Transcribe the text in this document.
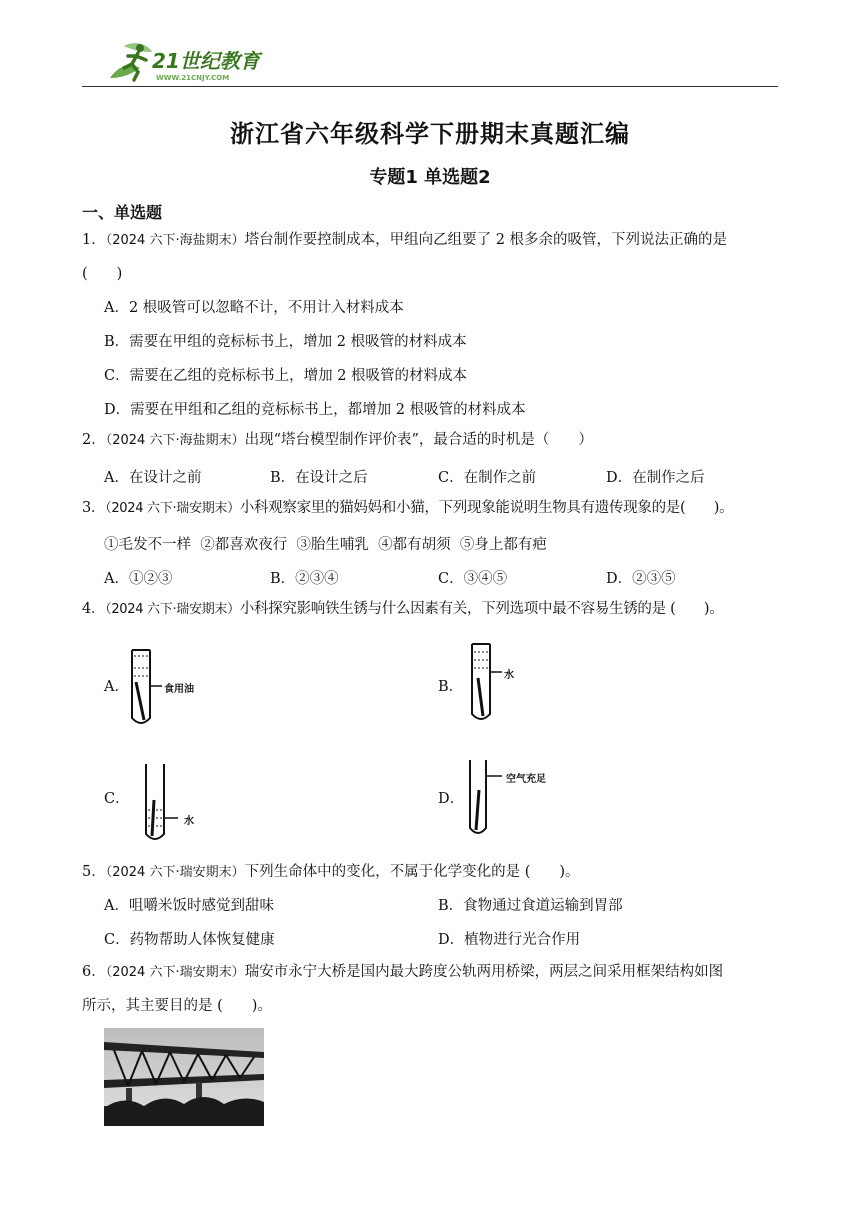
21世纪教育
WWW.21CNJY.COM
浙江省六年级科学下册期末真题汇编
专题1 单选题2
一、单选题
1．（2024 六下·海盐期末）塔台制作要控制成本，甲组向乙组要了 2 根多余的吸管，下列说法正确的是
(　　)
A．2 根吸管可以忽略不计，不用计入材料成本
B．需要在甲组的竞标标书上，增加 2 根吸管的材料成本
C．需要在乙组的竞标标书上，增加 2 根吸管的材料成本
D．需要在甲组和乙组的竞标标书上，都增加 2 根吸管的材料成本
2．（2024 六下·海盐期末）出现“塔台模型制作评价表”，最合适的时机是（　　）
A．在设计之前	B．在设计之后	C．在制作之前	D．在制作之后
3．（2024 六下·瑞安期末）小科观察家里的猫妈妈和小猫，下列现象能说明生物具有遗传现象的是(　　)。
①毛发不一样  ②都喜欢夜行  ③胎生哺乳  ④都有胡须  ⑤身上都有疤
A．①②③	B．②③④	C．③④⑤	D．②③⑤
4．（2024 六下·瑞安期末）小科探究影响铁生锈与什么因素有关，下列选项中最不容易生锈的是 (　　)。
A．	食用油	B．
水
C．
水
D．
空气充足
5．（2024 六下·瑞安期末）下列生命体中的变化，不属于化学变化的是 (　　)。
A．咀嚼米饭时感觉到甜味	B．食物通过食道运输到胃部
C．药物帮助人体恢复健康	D．植物进行光合作用
6．（2024 六下·瑞安期末）瑞安市永宁大桥是国内最大跨度公轨两用桥梁，两层之间采用框架结构如图
所示，其主要目的是 (　　)。
